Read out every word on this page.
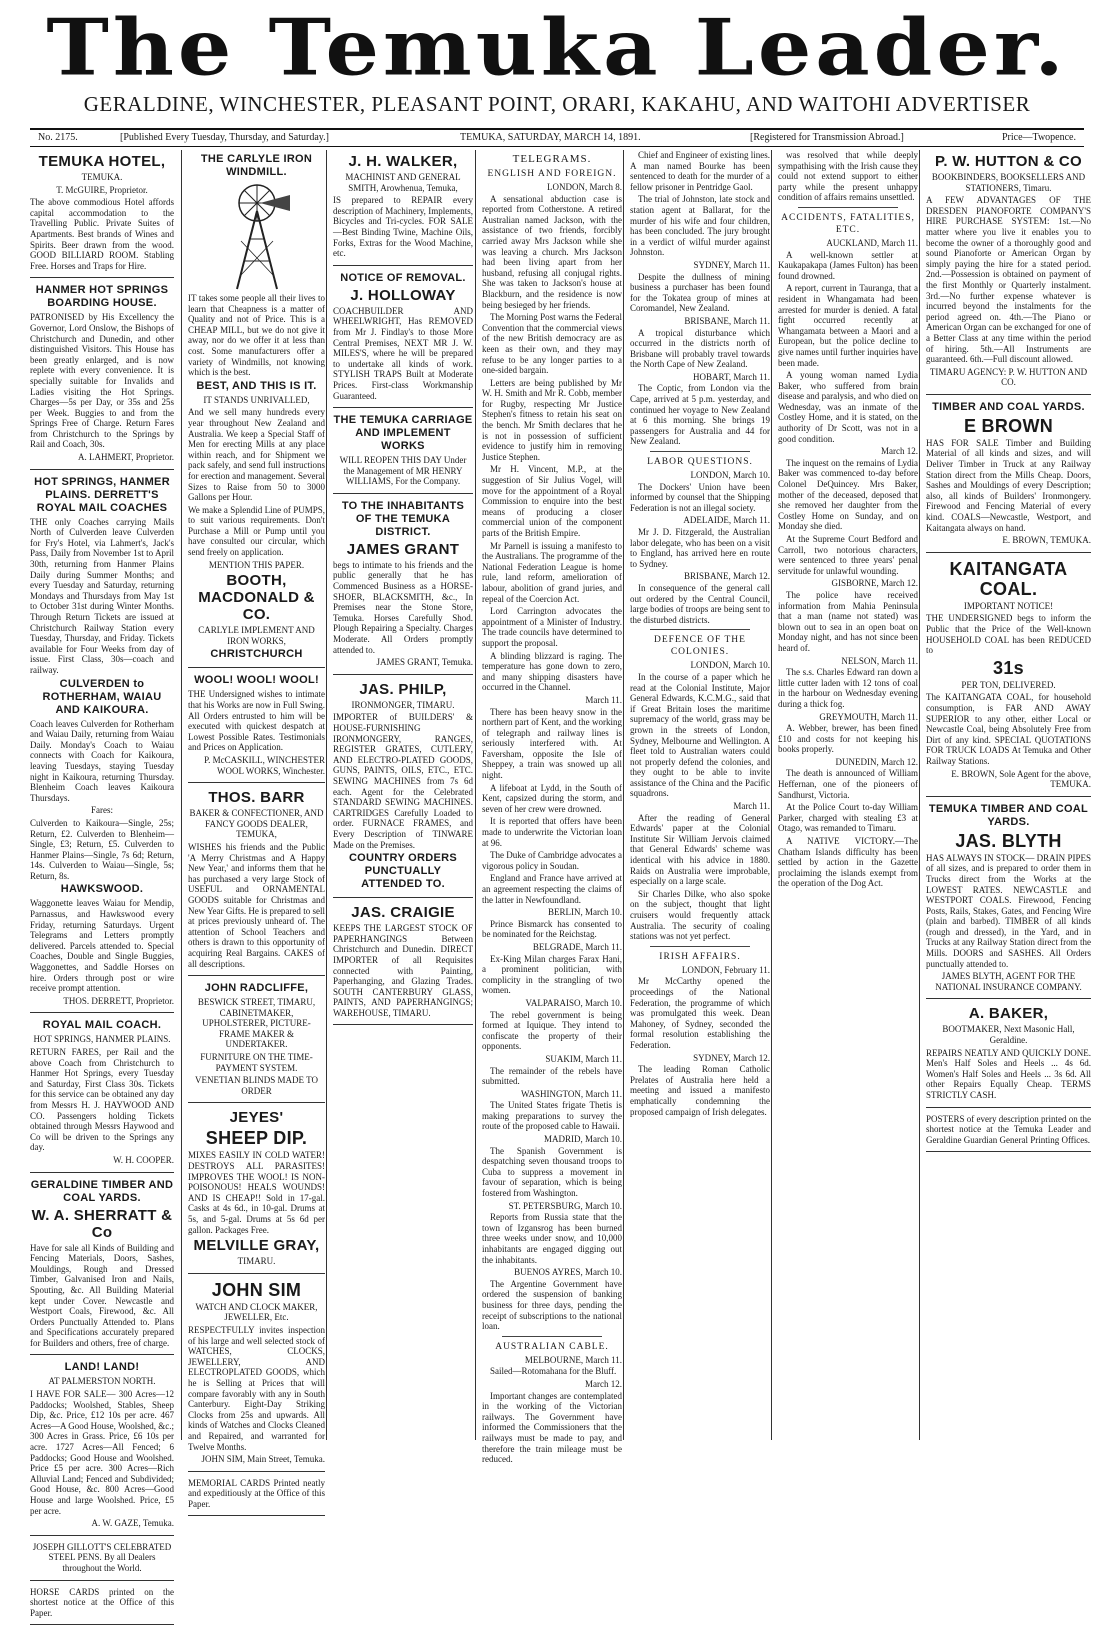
The Temuka Leader.
GERALDINE, WINCHESTER, PLEASANT POINT, ORARI, KAKAHU, AND WAITOHI ADVERTISER
No. 2175.	[Published Every Tuesday, Thursday, and Saturday.]	TEMUKA, SATURDAY, MARCH 14, 1891.	[Registered for Transmission Abroad.]	Price—Twopence.
TEMUKA HOTEL,

TEMUKA.

T. McGUIRE, Proprietor.

The above commodious Hotel affords capital accommodation to the Travelling Public. Private Suites of Apartments. Best brands of Wines and Spirits. Beer drawn from the wood. GOOD BILLIARD ROOM. Stabling Free. Horses and Traps for Hire.

HANMER HOT SPRINGS BOARDING HOUSE.

PATRONISED by His Excellency the Governor, Lord Onslow, the Bishops of Christchurch and Dunedin, and other distinguished Visitors. This House has been greatly enlarged, and is now replete with every convenience. It is specially suitable for Invalids and Ladies visiting the Hot Springs. Charges—5s per Day, or 35s and 25s per Week. Buggies to and from the Springs Free of Charge. Return Fares from Christchurch to the Springs by Rail and Coach, 30s.

A. LAHMERT, Proprietor.

HOT SPRINGS, HANMER PLAINS. DERRETT'S ROYAL MAIL COACHES

THE only Coaches carrying Mails North of Culverden leave Culverden for Fry's Hotel, via Lahmert's, Jack's Pass, Daily from November 1st to April 30th, returning from Hanmer Plains Daily during Summer Months; and every Tuesday and Saturday, returning Mondays and Thursdays from May 1st to October 31st during Winter Months. Through Return Tickets are issued at Christchurch Railway Station every Tuesday, Thursday, and Friday. Tickets available for Four Weeks from day of issue. First Class, 30s—coach and railway.

CULVERDEN to ROTHERHAM, WAIAU AND KAIKOURA.

Coach leaves Culverden for Rotherham and Waiau Daily, returning from Waiau Daily. Monday's Coach to Waiau connects with Coach for Kaikoura, leaving Tuesdays, staying Tuesday night in Kaikoura, returning Thursday. Blenheim Coach leaves Kaikoura Thursdays.

Fares:

Culverden to Kaikoura—Single, 25s; Return, £2. Culverden to Blenheim—Single, £3; Return, £5. Culverden to Hanmer Plains—Single, 7s 6d; Return, 14s. Culverden to Waiau—Single, 5s; Return, 8s.

HAWKSWOOD.

Waggonette leaves Waiau for Mendip, Parnassus, and Hawkswood every Friday, returning Saturdays. Urgent Telegrams and Letters promptly delivered. Parcels attended to. Special Coaches, Double and Single Buggies, Waggonettes, and Saddle Horses on hire. Orders through post or wire receive prompt attention.

THOS. DERRETT, Proprietor.

ROYAL MAIL COACH.

HOT SPRINGS, HANMER PLAINS.

RETURN FARES, per Rail and the above Coach from Christchurch to Hanmer Hot Springs, every Tuesday and Saturday, First Class 30s. Tickets for this service can be obtained any day from Messrs H. J. HAYWOOD AND CO. Passengers holding Tickets obtained through Messrs Haywood and Co will be driven to the Springs any day.

W. H. COOPER.

GERALDINE TIMBER AND COAL YARDS.
W. A. SHERRATT & Co

Have for sale all Kinds of Building and Fencing Materials, Doors, Sashes, Mouldings, Rough and Dressed Timber, Galvanised Iron and Nails, Spouting, &c. All Building Material kept under Cover. Newcastle and Westport Coals, Firewood, &c. All Orders Punctually Attended to. Plans and Specifications accurately prepared for Builders and others, free of charge.

LAND! LAND!

AT PALMERSTON NORTH.

I HAVE FOR SALE— 300 Acres—12 Paddocks; Woolshed, Stables, Sheep Dip, &c. Price, £12 10s per acre. 467 Acres—A Good House, Woolshed, &c.; 300 Acres in Grass. Price, £6 10s per acre. 1727 Acres—All Fenced; 6 Paddocks; Good House and Woolshed. Price £5 per acre. 300 Acres—Rich Alluvial Land; Fenced and Subdivided; Good House, &c. 800 Acres—Good House and large Woolshed. Price, £5 per acre.

A. W. GAZE, Temuka.

JOSEPH GILLOTT'S CELEBRATED STEEL PENS. By all Dealers throughout the World.

HORSE CARDS printed on the shortest notice at the Office of this Paper.

THE CARLYLE IRON WINDMILL.

IT takes some people all their lives to learn that Cheapness is a matter of Quality and not of Price. This is a CHEAP MILL, but we do not give it away, nor do we offer it at less than cost. Some manufacturers offer a variety of Windmills, not knowing which is the best.

BEST, AND THIS IS IT.

IT STANDS UNRIVALLED,

And we sell many hundreds every year throughout New Zealand and Australia. We keep a Special Staff of Men for erecting Mills at any place within reach, and for Shipment we pack safely, and send full instructions for erection and management. Several Sizes to Raise from 50 to 3000 Gallons per Hour.

We make a Splendid Line of PUMPS, to suit various requirements. Don't Purchase a Mill or Pump until you have consulted our circular, which send freely on application.

MENTION THIS PAPER.

BOOTH, MACDONALD & CO.

CARLYLE IMPLEMENT AND IRON WORKS,

CHRISTCHURCH
WOOL! WOOL! WOOL!

THE Undersigned wishes to intimate that his Works are now in Full Swing. All Orders entrusted to him will be executed with quickest despatch at Lowest Possible Rates. Testimonials and Prices on Application.

P. McCASKILL, WINCHESTER WOOL WORKS, Winchester.

THOS. BARR

BAKER & CONFECTIONER, AND FANCY GOODS DEALER, TEMUKA,

WISHES his friends and the Public 'A Merry Christmas and A Happy New Year,' and informs them that he has purchased a very large Stock of USEFUL and ORNAMENTAL GOODS suitable for Christmas and New Year Gifts. He is prepared to sell at prices previously unheard of. The attention of School Teachers and others is drawn to this opportunity of acquiring Real Bargains. CAKES of all descriptions.

JOHN RADCLIFFE,

BESWICK STREET, TIMARU, CABINETMAKER, UPHOLSTERER, PICTURE-FRAME MAKER & UNDERTAKER.

FURNITURE ON THE TIME-PAYMENT SYSTEM.

VENETIAN BLINDS MADE TO ORDER

JEYES'
SHEEP DIP.

MIXES EASILY IN COLD WATER! DESTROYS ALL PARASITES! IMPROVES THE WOOL! IS NON-POISONOUS! HEALS WOUNDS! AND IS CHEAP!! Sold in 17-gal. Casks at 4s 6d., in 10-gal. Drums at 5s, and 5-gal. Drums at 5s 6d per gallon. Packages Free.

MELVILLE GRAY,

TIMARU.

JOHN SIM

WATCH AND CLOCK MAKER, JEWELLER, Etc.

RESPECTFULLY invites inspection of his large and well selected stock of WATCHES, CLOCKS, JEWELLERY, AND ELECTROPLATED GOODS, which he is Selling at Prices that will compare favorably with any in South Canterbury. Eight-Day Striking Clocks from 25s and upwards. All kinds of Watches and Clocks Cleaned and Repaired, and warranted for Twelve Months.

JOHN SIM, Main Street, Temuka.

MEMORIAL CARDS Printed neatly and expeditiously at the Office of this Paper.

J. H. WALKER,

MACHINIST AND GENERAL SMITH, Arowhenua, Temuka,

IS prepared to REPAIR every description of Machinery, Implements, Bicycles and Tri-cycles. FOR SALE—Best Binding Twine, Machine Oils, Forks, Extras for the Wood Machine, etc.

NOTICE OF REMOVAL.
J. HOLLOWAY

COACHBUILDER AND WHEELWRIGHT, Has REMOVED from Mr J. Findlay's to those More Central Premises, NEXT MR J. W. MILES'S, where he will be prepared to undertake all kinds of work. STYLISH TRAPS Built at Moderate Prices. First-class Workmanship Guaranteed.

THE TEMUKA CARRIAGE AND IMPLEMENT WORKS

WILL REOPEN THIS DAY Under the Management of MR HENRY WILLIAMS, For the Company.

TO THE INHABITANTS OF THE TEMUKA DISTRICT.
JAMES GRANT

begs to intimate to his friends and the public generally that he has Commenced Business as a HORSE-SHOER, BLACKSMITH, &c., In Premises near the Stone Store, Temuka. Horses Carefully Shod. Plough Repairing a Specialty. Charges Moderate. All Orders promptly attended to.

JAMES GRANT, Temuka.

JAS. PHILP,

IRONMONGER, TIMARU.

IMPORTER of BUILDERS' & HOUSE-FURNISHING IRONMONGERY, RANGES, REGISTER GRATES, CUTLERY, AND ELECTRO-PLATED GOODS, GUNS, PAINTS, OILS, ETC., ETC. SEWING MACHINES from 7s 6d each. Agent for the Celebrated STANDARD SEWING MACHINES. CARTRIDGES Carefully Loaded to order. FURNACE FRAMES, and Every Description of TINWARE Made on the Premises.

COUNTRY ORDERS PUNCTUALLY ATTENDED TO.
JAS. CRAIGIE

KEEPS THE LARGEST STOCK OF PAPERHANGINGS Between Christchurch and Dunedin. DIRECT IMPORTER of all Requisites connected with Painting, Paperhanging, and Glazing Trades. SOUTH CANTERBURY GLASS, PAINTS, AND PAPERHANGINGS; WAREHOUSE, TIMARU.

TELEGRAMS.
ENGLISH AND FOREIGN.
LONDON, March 8.

A sensational abduction case is reported from Cotherstone. A retired Australian named Jackson, with the assistance of two friends, forcibly carried away Mrs Jackson while she was leaving a church. Mrs Jackson had been living apart from her husband, refusing all conjugal rights. She was taken to Jackson's house at Blackburn, and the residence is now being besieged by her friends.

The Morning Post warns the Federal Convention that the commercial views of the new British democracy are as keen as their own, and they may refuse to be any longer parties to a one-sided bargain.

Letters are being published by Mr W. H. Smith and Mr R. Cobb, member for Rugby, respecting Mr Justice Stephen's fitness to retain his seat on the bench. Mr Smith declares that he is not in possession of sufficient evidence to justify him in removing Justice Stephen.

Mr H. Vincent, M.P., at the suggestion of Sir Julius Vogel, will move for the appointment of a Royal Commission to enquire into the best means of producing a closer commercial union of the component parts of the British Empire.

Mr Parnell is issuing a manifesto to the Australians. The programme of the National Federation League is home rule, land reform, amelioration of labour, abolition of grand juries, and repeal of the Coercion Act.

Lord Carrington advocates the appointment of a Minister of Industry. The trade councils have determined to support the proposal.

A blinding blizzard is raging. The temperature has gone down to zero, and many shipping disasters have occurred in the Channel.

March 11.

There has been heavy snow in the northern part of Kent, and the working of telegraph and railway lines is seriously interfered with. At Faversham, opposite the Isle of Sheppey, a train was snowed up all night.

A lifeboat at Lydd, in the South of Kent, capsized during the storm, and seven of her crew were drowned.

It is reported that offers have been made to underwrite the Victorian loan at 96.

The Duke of Cambridge advocates a vigorous policy in Soudan.

England and France have arrived at an agreement respecting the claims of the latter in Newfoundland.

BERLIN, March 10.

Prince Bismarck has consented to be nominated for the Reichstag.

BELGRADE, March 11.

Ex-King Milan charges Farax Hani, a prominent politician, with complicity in the strangling of two women.

VALPARAISO, March 10.

The rebel government is being formed at Iquique. They intend to confiscate the property of their opponents.

SUAKIM, March 11.

The remainder of the rebels have submitted.

WASHINGTON, March 11.

The United States frigate Thetis is making preparations to survey the route of the proposed cable to Hawaii.

MADRID, March 10.

The Spanish Government is despatching seven thousand troops to Cuba to suppress a movement in favour of separation, which is being fostered from Washington.

ST. PETERSBURG, March 10.

Reports from Russia state that the town of Izgansrog has been burned three weeks under snow, and 10,000 inhabitants are engaged digging out the inhabitants.

BUENOS AYRES, March 10.

The Argentine Government have ordered the suspension of banking business for three days, pending the receipt of subscriptions to the national loan.

AUSTRALIAN CABLE.
MELBOURNE, March 11.

Sailed—Rotomahana for the Bluff.

March 12.

Important changes are contemplated in the working of the Victorian railways. The Government have informed the Commissioners that the railways must be made to pay, and therefore the train mileage must be reduced.

Chief and Engineer of existing lines. A man named Bourke has been sentenced to death for the murder of a fellow prisoner in Pentridge Gaol.

The trial of Johnston, late stock and station agent at Ballarat, for the murder of his wife and four children, has been concluded. The jury brought in a verdict of wilful murder against Johnston.

SYDNEY, March 11.

Despite the dullness of mining business a purchaser has been found for the Tokatea group of mines at Coromandel, New Zealand.

BRISBANE, March 11.

A tropical disturbance which occurred in the districts north of Brisbane will probably travel towards the North Cape of New Zealand.

HOBART, March 11.

The Coptic, from London via the Cape, arrived at 5 p.m. yesterday, and continued her voyage to New Zealand at 6 this morning. She brings 19 passengers for Australia and 44 for New Zealand.

LABOR QUESTIONS.
LONDON, March 10.

The Dockers' Union have been informed by counsel that the Shipping Federation is not an illegal society.

ADELAIDE, March 11.

Mr J. D. Fitzgerald, the Australian labor delegate, who has been on a visit to England, has arrived here en route to Sydney.

BRISBANE, March 12.

In consequence of the general call out ordered by the Central Council, large bodies of troops are being sent to the disturbed districts.

DEFENCE OF THE COLONIES.
LONDON, March 10.

In the course of a paper which he read at the Colonial Institute, Major General Edwards, K.C.M.G., said that if Great Britain loses the maritime supremacy of the world, grass may be grown in the streets of London, Sydney, Melbourne and Wellington. A fleet told to Australian waters could not properly defend the colonies, and they ought to be able to invite assistance of the China and the Pacific squadrons.

March 11.

After the reading of General Edwards' paper at the Colonial Institute Sir William Jervois claimed that General Edwards' scheme was identical with his advice in 1880. Raids on Australia were improbable, especially on a large scale.

Sir Charles Dilke, who also spoke on the subject, thought that light cruisers would frequently attack Australia. The security of coaling stations was not yet perfect.

IRISH AFFAIRS.
LONDON, February 11.

Mr McCarthy opened the proceedings of the National Federation, the programme of which was promulgated this week. Dean Mahoney, of Sydney, seconded the formal resolution establishing the Federation.

SYDNEY, March 12.

The leading Roman Catholic Prelates of Australia here held a meeting and issued a manifesto emphatically condemning the proposed campaign of Irish delegates.

was resolved that while deeply sympathising with the Irish cause they could not extend support to either party while the present unhappy condition of affairs remains unsettled.

ACCIDENTS, FATALITIES, ETC.
AUCKLAND, March 11.

A well-known settler at Kaukapakapa (James Fulton) has been found drowned.

A report, current in Tauranga, that a resident in Whangamata had been arrested for murder is denied. A fatal fight occurred recently at Whangamata between a Maori and a European, but the police decline to give names until further inquiries have been made.

A young woman named Lydia Baker, who suffered from brain disease and paralysis, and who died on Wednesday, was an inmate of the Costley Home, and it is stated, on the authority of Dr Scott, was not in a good condition.

March 12.

The inquest on the remains of Lydia Baker was commenced to-day before Colonel DeQuincey. Mrs Baker, mother of the deceased, deposed that she removed her daughter from the Costley Home on Sunday, and on Monday she died.

At the Supreme Court Bedford and Carroll, two notorious characters, were sentenced to three years' penal servitude for unlawful wounding.

GISBORNE, March 12.

The police have received information from Mahia Peninsula that a man (name not stated) was blown out to sea in an open boat on Monday night, and has not since been heard of.

NELSON, March 11.

The s.s. Charles Edward ran down a little cutter laden with 12 tons of coal in the harbour on Wednesday evening during a thick fog.

GREYMOUTH, March 11.

A. Webber, brewer, has been fined £10 and costs for not keeping his books properly.

DUNEDIN, March 12.

The death is announced of William Heffernan, one of the pioneers of Sandhurst, Victoria.

At the Police Court to-day William Parker, charged with stealing £3 at Otago, was remanded to Timaru.

A NATIVE VICTORY.—The Chatham Islands difficulty has been settled by action in the Gazette proclaiming the islands exempt from the operation of the Dog Act.

P. W. HUTTON & CO

BOOKBINDERS, BOOKSELLERS AND STATIONERS, Timaru.

A FEW ADVANTAGES OF THE DRESDEN PIANOFORTE COMPANY'S HIRE PURCHASE SYSTEM: 1st.—No matter where you live it enables you to become the owner of a thoroughly good and sound Pianoforte or American Organ by simply paying the hire for a stated period. 2nd.—Possession is obtained on payment of the first Monthly or Quarterly instalment. 3rd.—No further expense whatever is incurred beyond the instalments for the period agreed on. 4th.—The Piano or American Organ can be exchanged for one of a Better Class at any time within the period of hiring. 5th.—All Instruments are guaranteed. 6th.—Full discount allowed.

TIMARU AGENCY: P. W. HUTTON AND CO.

TIMBER AND COAL YARDS.
E BROWN

HAS FOR SALE Timber and Building Material of all kinds and sizes, and will Deliver Timber in Truck at any Railway Station direct from the Mills Cheap. Doors, Sashes and Mouldings of every Description; also, all kinds of Builders' Ironmongery. Firewood and Fencing Material of every kind. COALS—Newcastle, Westport, and Kaitangata always on hand.

E. BROWN, TEMUKA.

KAITANGATA COAL.

IMPORTANT NOTICE!

THE UNDERSIGNED begs to inform the Public that the Price of the Well-known HOUSEHOLD COAL has been REDUCED to

31s

PER TON, DELIVERED.

The KAITANGATA COAL, for household consumption, is FAR AND AWAY SUPERIOR to any other, either Local or Newcastle Coal, being Absolutely Free from Dirt of any kind. SPECIAL QUOTATIONS FOR TRUCK LOADS At Temuka and Other Railway Stations.

E. BROWN, Sole Agent for the above, TEMUKA.

TEMUKA TIMBER AND COAL YARDS.
JAS. BLYTH

HAS ALWAYS IN STOCK— DRAIN PIPES of all sizes, and is prepared to order them in Trucks direct from the Works at the LOWEST RATES. NEWCASTLE and WESTPORT COALS. Firewood, Fencing Posts, Rails, Stakes, Gates, and Fencing Wire (plain and barbed). TIMBER of all kinds (rough and dressed), in the Yard, and in Trucks at any Railway Station direct from the Mills. DOORS and SASHES. All Orders punctually attended to.

JAMES BLYTH, AGENT FOR THE NATIONAL INSURANCE COMPANY.

A. BAKER,

BOOTMAKER, Next Masonic Hall, Geraldine.

REPAIRS NEATLY AND QUICKLY DONE. Men's Half Soles and Heels ... 4s 6d. Women's Half Soles and Heels ... 3s 6d. All other Repairs Equally Cheap. TERMS STRICTLY CASH.

POSTERS of every description printed on the shortest notice at the Temuka Leader and Geraldine Guardian General Printing Offices.
